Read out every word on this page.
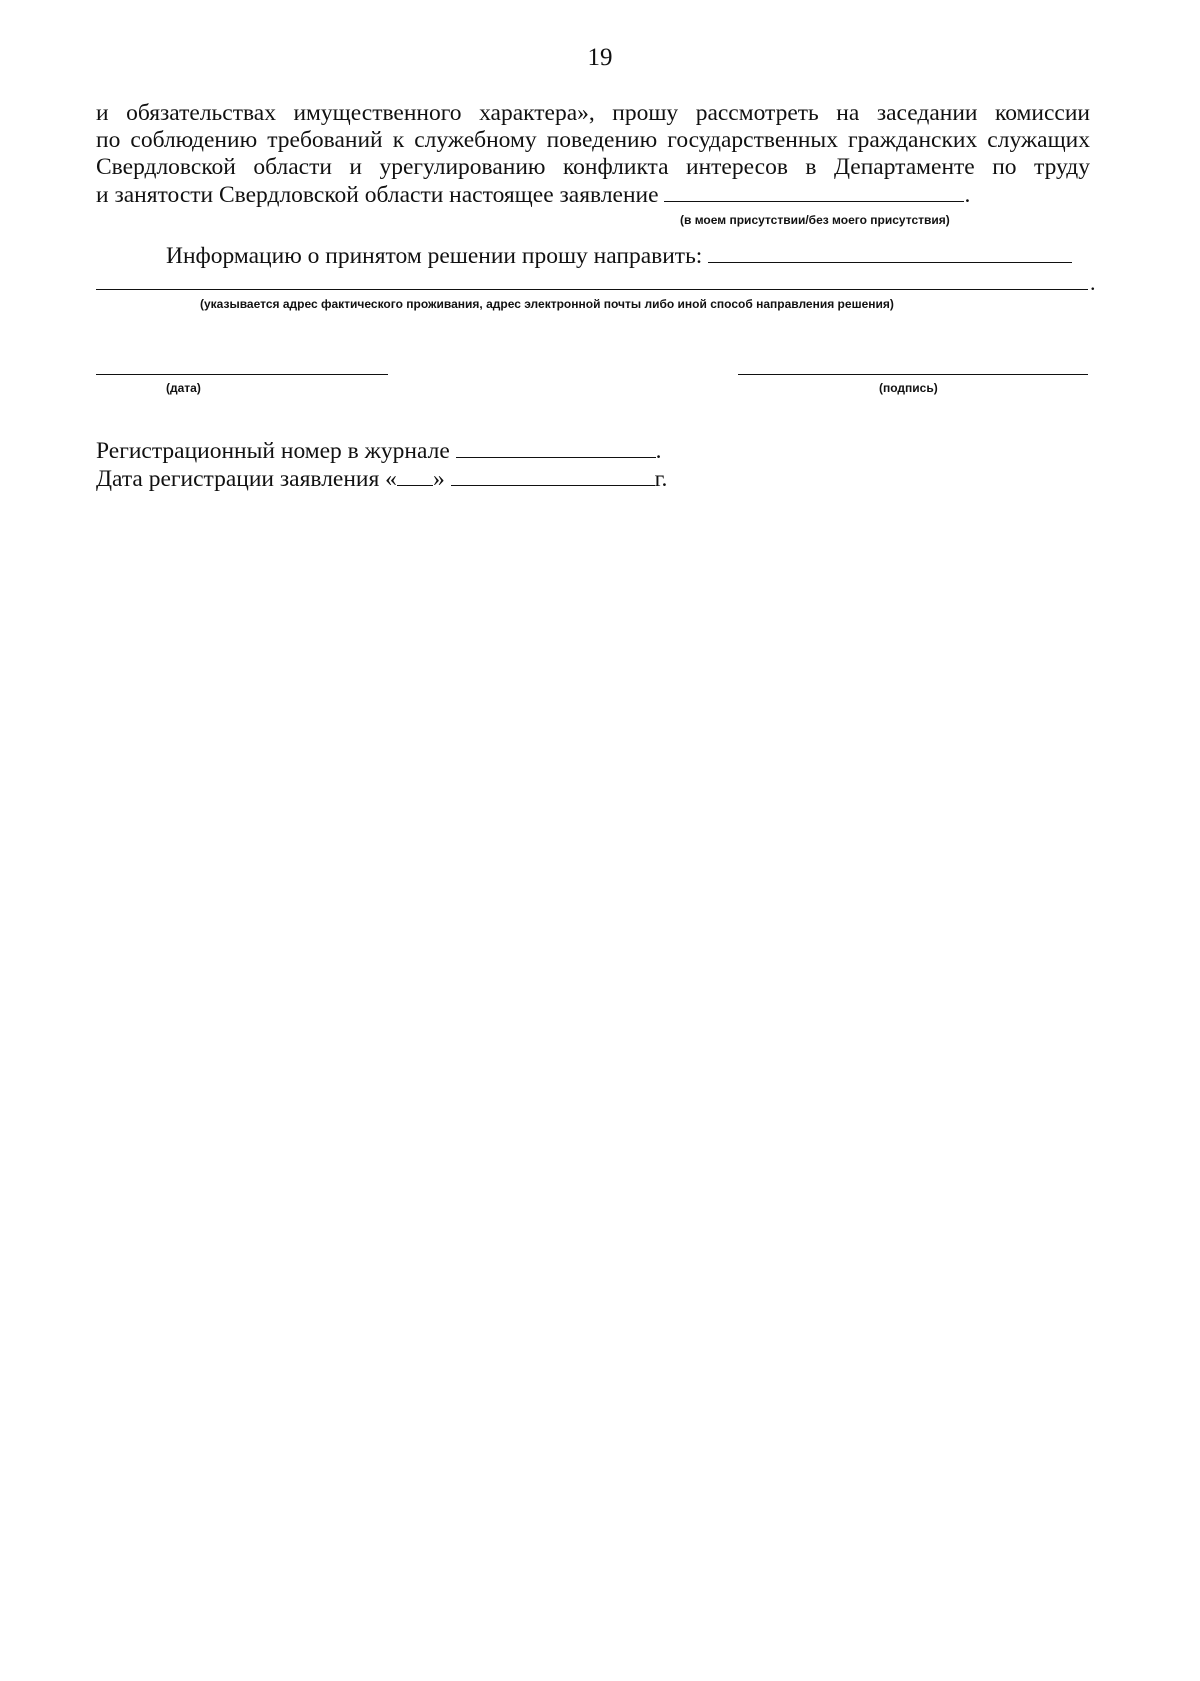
19
и обязательствах имущественного характера», прошу рассмотреть на заседании комиссии
по соблюдению требований к служебному поведению государственных гражданских служащих
Свердловской области и урегулированию конфликта интересов в Департаменте по труду
и занятости Свердловской области настоящее заявление	.
(в моем присутствии/без моего присутствия)
Информацию о принятом решении прошу направить:
.
(указывается адрес фактического проживания, адрес электронной почты либо иной способ направления решения)
(дата)	(подпись)
Регистрационный номер в журнале	.
Дата регистрации заявления « »	г.
